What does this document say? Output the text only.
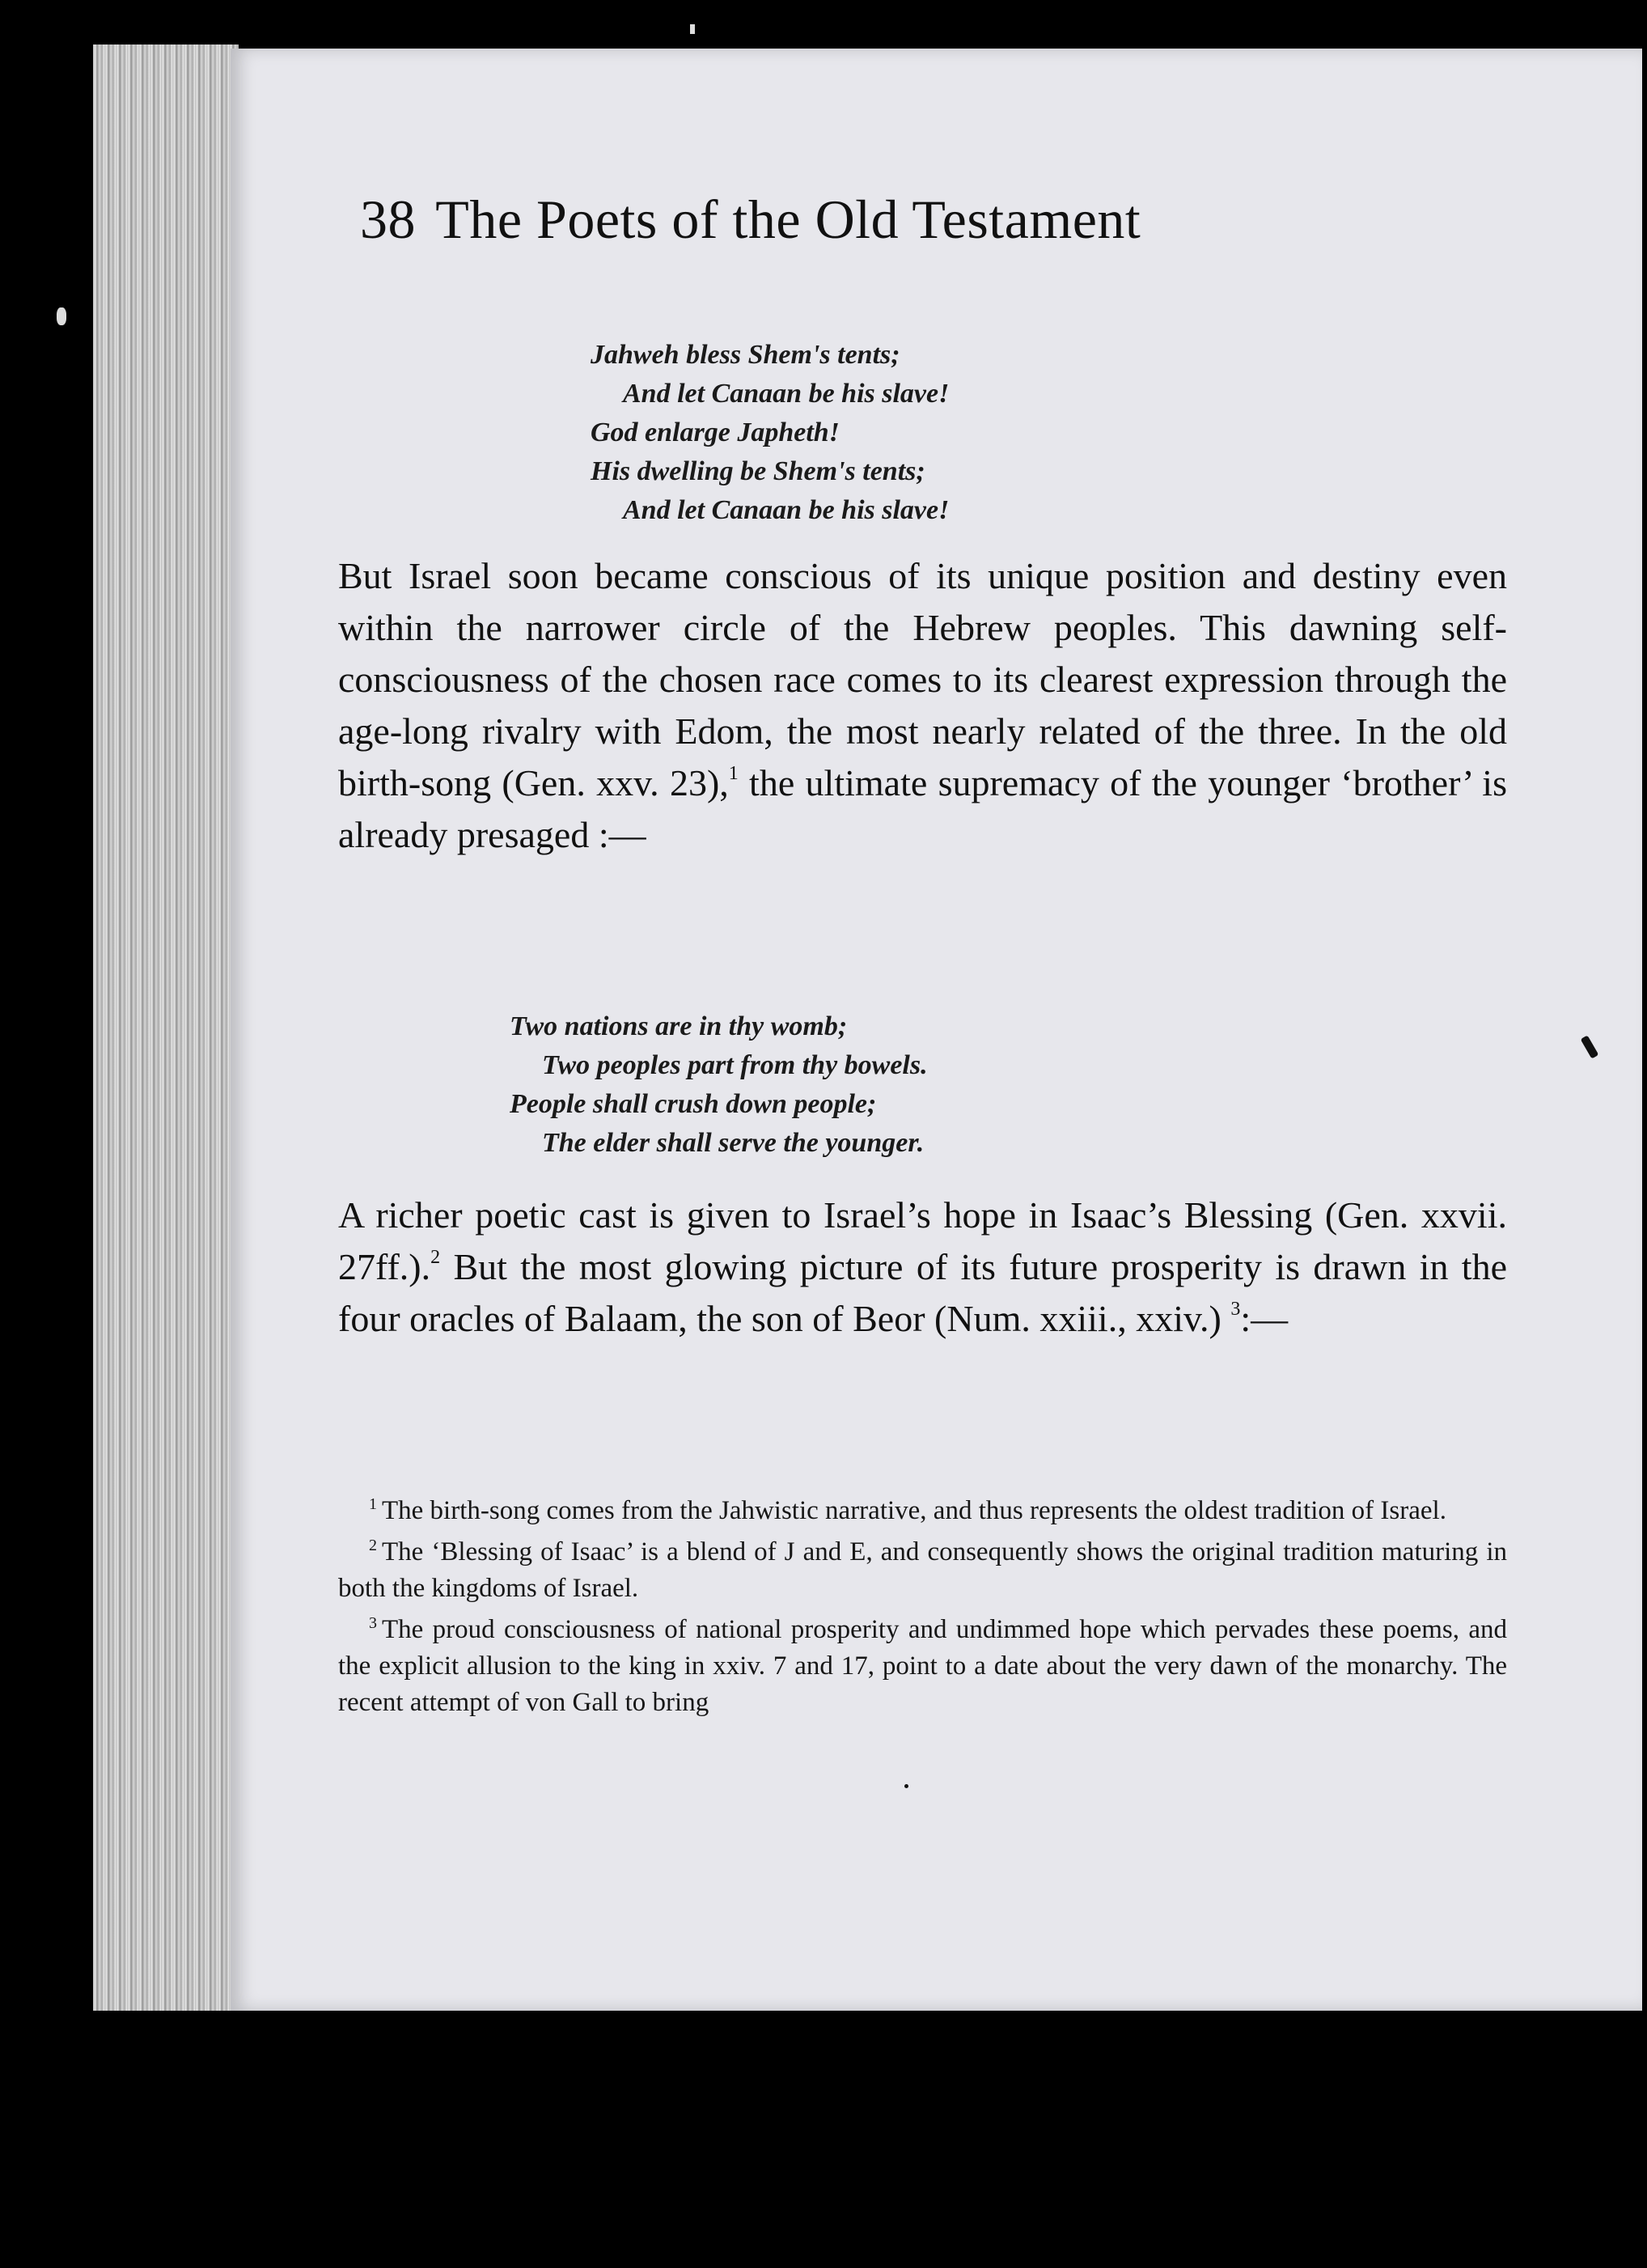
38 The Poets of the Old Testament
Jahweh bless Shem's tents;
And let Canaan be his slave!
God enlarge Japheth!
His dwelling be Shem's tents;
And let Canaan be his slave!
But Israel soon became conscious of its unique position and destiny even within the narrower circle of the Hebrew peoples. This dawning self-consciousness of the chosen race comes to its clearest expression through the age-long rivalry with Edom, the most nearly related of the three. In the old birth-song (Gen. xxv. 23),$^1$ the ultimate supremacy of the younger ‘brother’ is already presaged :—
Two nations are in thy womb;
Two peoples part from thy bowels.
People shall crush down people;
The elder shall serve the younger.
A richer poetic cast is given to Israel’s hope in Isaac’s Blessing (Gen. xxvii. 27ff.).$^2$ But the most glowing picture of its future prosperity is drawn in the four oracles of Balaam, the son of Beor (Num. xxiii., xxiv.) $^3$:—

$^1$ The birth-song comes from the Jahwistic narrative, and thus represents the oldest tradition of Israel.

$^2$ The ‘Blessing of Isaac’ is a blend of J and E, and consequently shows the original tradition maturing in both the kingdoms of Israel.

$^3$ The proud consciousness of national prosperity and undimmed hope which pervades these poems, and the explicit allusion to the king in xxiv. 7 and 17, point to a date about the very dawn of the monarchy. The recent attempt of von Gall to bring
